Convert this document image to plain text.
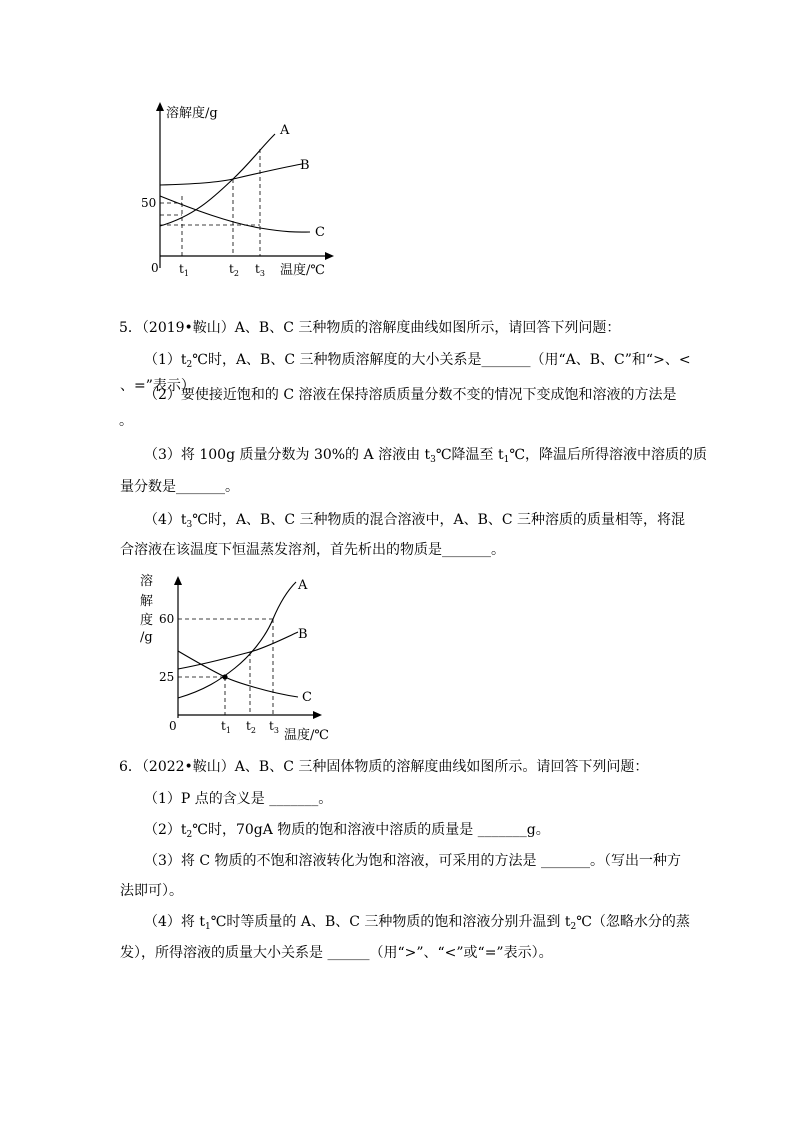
溶解度/g
A
B
C
50
0 $t_1$	$t_2$ $t_3$ 温度/℃
5．（2019•鞍山）A、B、C 三种物质的溶解度曲线如图所示，请回答下列问题：
$(1)t_2℃$时，A、B、C 三种物质溶解度的大小关系是_______（用“A、B、C”和“>、<
、=”表示）
（2）要使接近饱和的 C 溶液在保持溶质质量分数不变的情况下变成饱和溶液的方法是
。
（3）将 100g 质量分数为 30%的 A 溶液由 $t_3℃$降温至 $t_1℃$，降温后所得溶液中溶质的质
量分数是_______。
$(4)t_3℃$时，A、B、C 三种物质的混合溶液中，A、B、C 三种溶质的质量相等，将混
合溶液在该温度下恒温蒸发溶剂，首先析出的物质是_______。
溶
解
度
/g
60
25
0
A
B
C
$t_1$ $t_2$ $t_3$ 温度/℃
6．（2022•鞍山）A、B、C 三种固体物质的溶解度曲线如图所示。请回答下列问题：
（1）P 点的含义是 _______。
$(2)t_2℃$时，70gA 物质的饱和溶液中溶质的质量是 _______g。
（3）将 C 物质的不饱和溶液转化为饱和溶液，可采用的方法是 _______。（写出一种方
法即可）。
（4）将 $t_1℃$时等质量的 A、B、C 三种物质的饱和溶液分别升温到 $t_2℃$（忽略水分的蒸
发），所得溶液的质量大小关系是 ______（用“>”、“<”或“=”表示）。
